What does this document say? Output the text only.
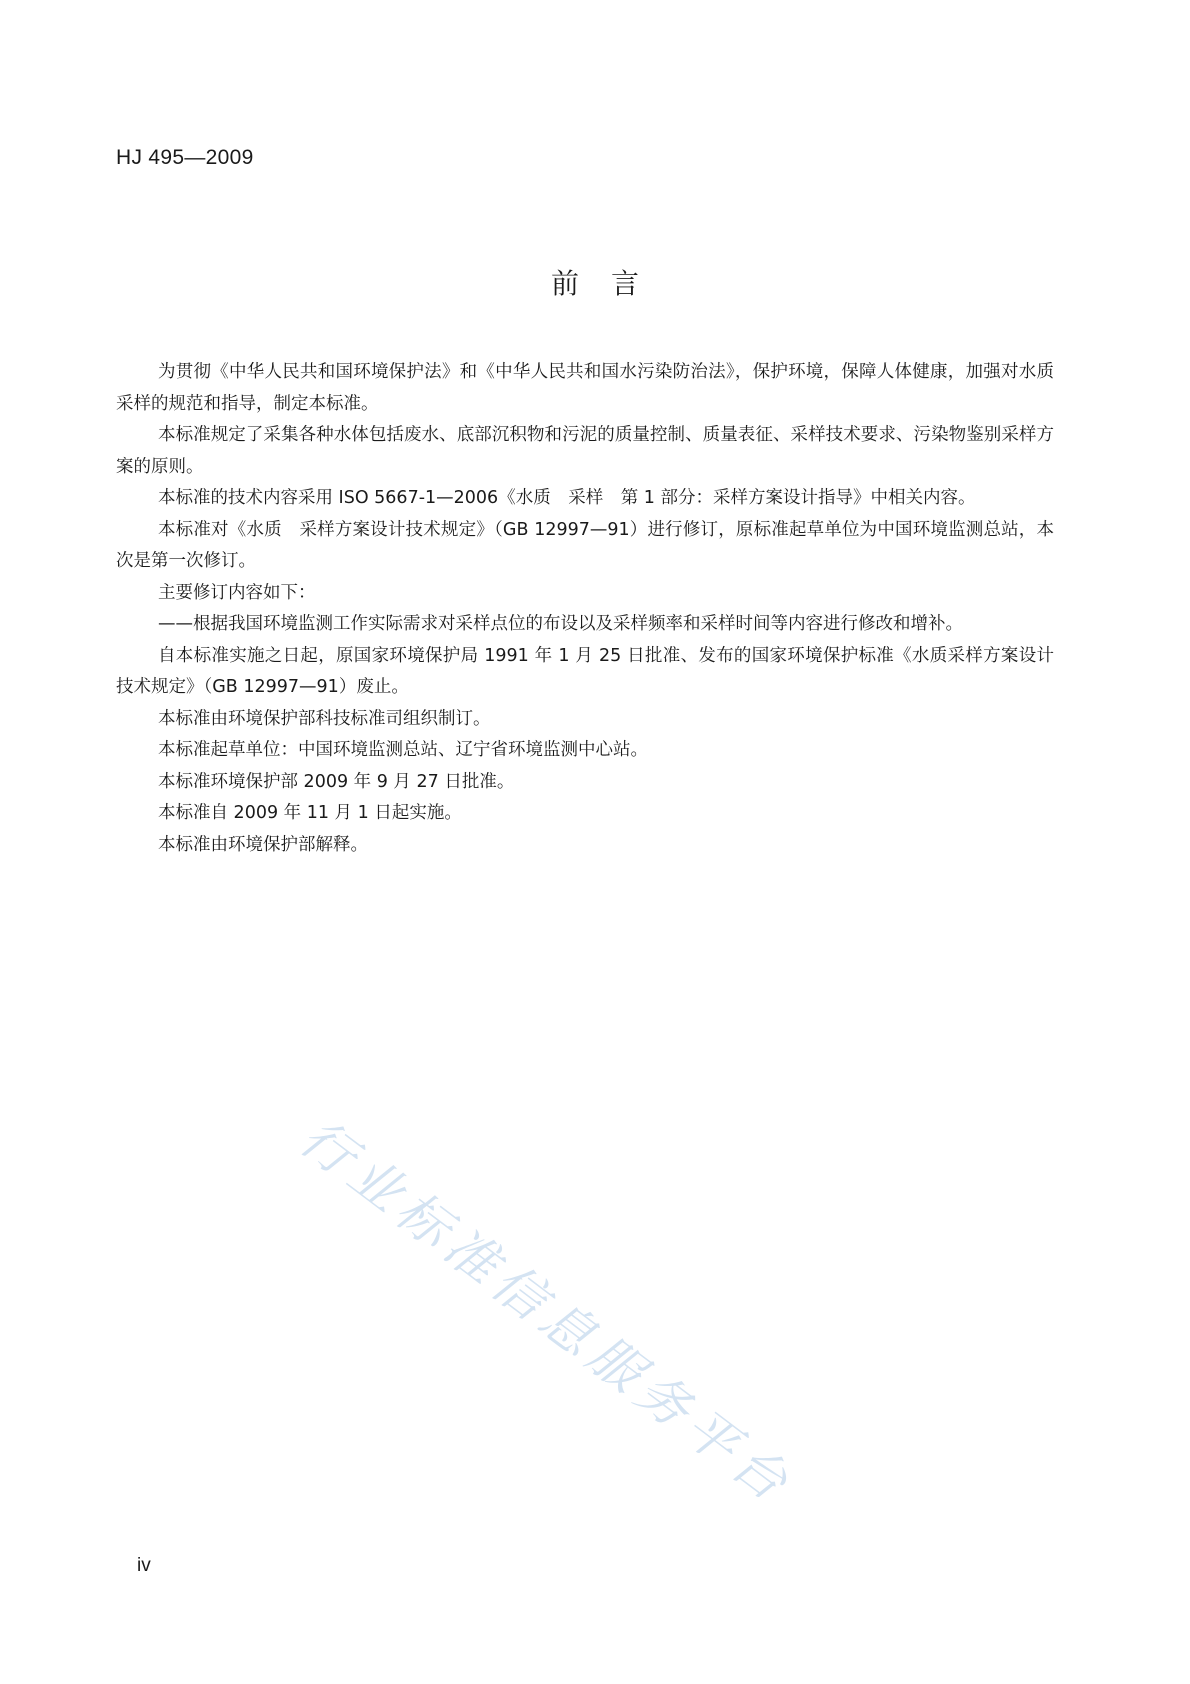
HJ 495—2009
前言

为贯彻《中华人民共和国环境保护法》和《中华人民共和国水污染防治法》，保护环境，保障人体健康，加强对水质采样的规范和指导，制定本标准。

本标准规定了采集各种水体包括废水、底部沉积物和污泥的质量控制、质量表征、采样技术要求、污染物鉴别采样方案的原则。

本标准的技术内容采用 ISO 5667-1—2006《水质　采样　第 1 部分：采样方案设计指导》中相关内容。

本标准对《水质　采样方案设计技术规定》（GB 12997—91）进行修订，原标准起草单位为中国环境监测总站，本次是第一次修订。

主要修订内容如下：

——根据我国环境监测工作实际需求对采样点位的布设以及采样频率和采样时间等内容进行修改和增补。

自本标准实施之日起，原国家环境保护局 1991 年 1 月 25 日批准、发布的国家环境保护标准《水质采样方案设计技术规定》（GB 12997—91）废止。

本标准由环境保护部科技标准司组织制订。

本标准起草单位：中国环境监测总站、辽宁省环境监测中心站。

本标准环境保护部 2009 年 9 月 27 日批准。

本标准自 2009 年 11 月 1 日起实施。

本标准由环境保护部解释。

行业标准信息服务平台
iv
